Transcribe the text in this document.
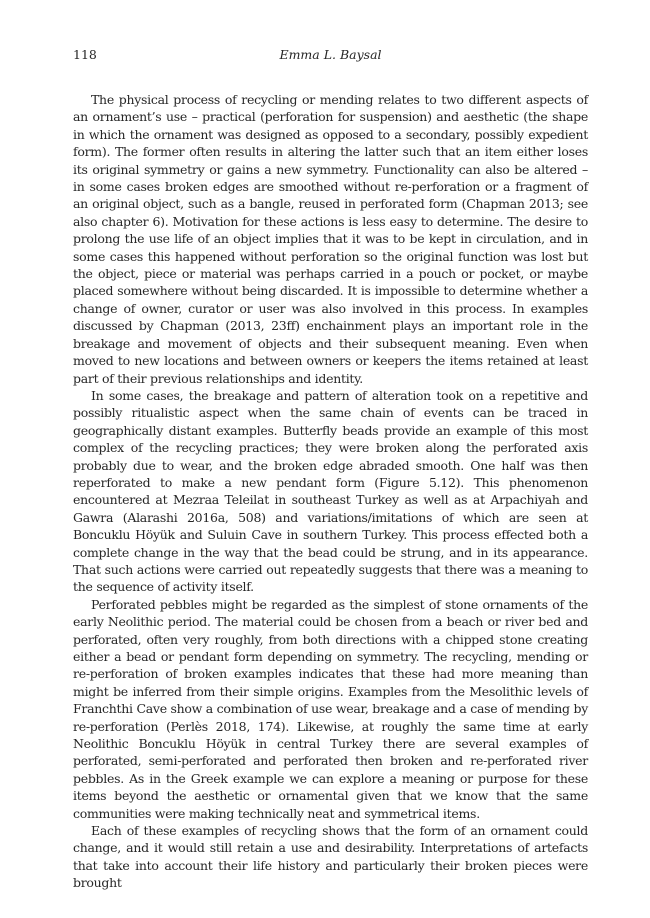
118	Emma L. Baysal

The physical process of recycling or mending relates to two different aspects of an ornament’s use – practical (perforation for suspension) and aesthetic (the shape in which the ornament was designed as opposed to a secondary, possibly expedient form). The former often results in altering the latter such that an item either loses its original symmetry or gains a new symmetry. Functionality can also be altered – in some cases broken edges are smoothed without re-perforation or a fragment of an original object, such as a bangle, reused in perforated form (Chapman 2013; see also chapter 6). Motivation for these actions is less easy to determine. The desire to prolong the use life of an object implies that it was to be kept in circulation, and in some cases this happened without perforation so the original function was lost but the object, piece or material was perhaps carried in a pouch or pocket, or maybe placed somewhere without being discarded. It is impossible to determine whether a change of owner, curator or user was also involved in this process. In examples discussed by Chapman (2013, 23ff) enchainment plays an important role in the breakage and movement of objects and their subsequent meaning. Even when moved to new locations and between owners or keepers the items retained at least part of their previous relationships and identity.

In some cases, the breakage and pattern of alteration took on a repetitive and possibly ritualistic aspect when the same chain of events can be traced in geographically distant examples. Butterfly beads provide an example of this most complex of the recycling practices; they were broken along the perforated axis probably due to wear, and the broken edge abraded smooth. One half was then reperforated to make a new pendant form (Figure 5.12). This phenomenon encountered at Mezraa Teleilat in southeast Turkey as well as at Arpachiyah and Gawra (Alarashi 2016a, 508) and variations/imitations of which are seen at Boncuklu Höyük and Suluin Cave in southern Turkey. This process effected both a complete change in the way that the bead could be strung, and in its appearance. That such actions were carried out repeatedly suggests that there was a meaning to the sequence of activity itself.

Perforated pebbles might be regarded as the simplest of stone ornaments of the early Neolithic period. The material could be chosen from a beach or river bed and perforated, often very roughly, from both directions with a chipped stone creating either a bead or pendant form depending on symmetry. The recycling, mending or re-perforation of broken examples indicates that these had more meaning than might be inferred from their simple origins. Examples from the Mesolithic levels of Franchthi Cave show a combination of use wear, breakage and a case of mending by re-perforation (Perlès 2018, 174). Likewise, at roughly the same time at early Neolithic Boncuklu Höyük in central Turkey there are several examples of perforated, semi-perforated and perforated then broken and re-perforated river pebbles. As in the Greek example we can explore a meaning or purpose for these items beyond the aesthetic or ornamental given that we know that the same communities were making technically neat and symmetrical items.

Each of these examples of recycling shows that the form of an ornament could change, and it would still retain a use and desirability. Interpretations of artefacts that take into account their life history and particularly their broken pieces were brought
